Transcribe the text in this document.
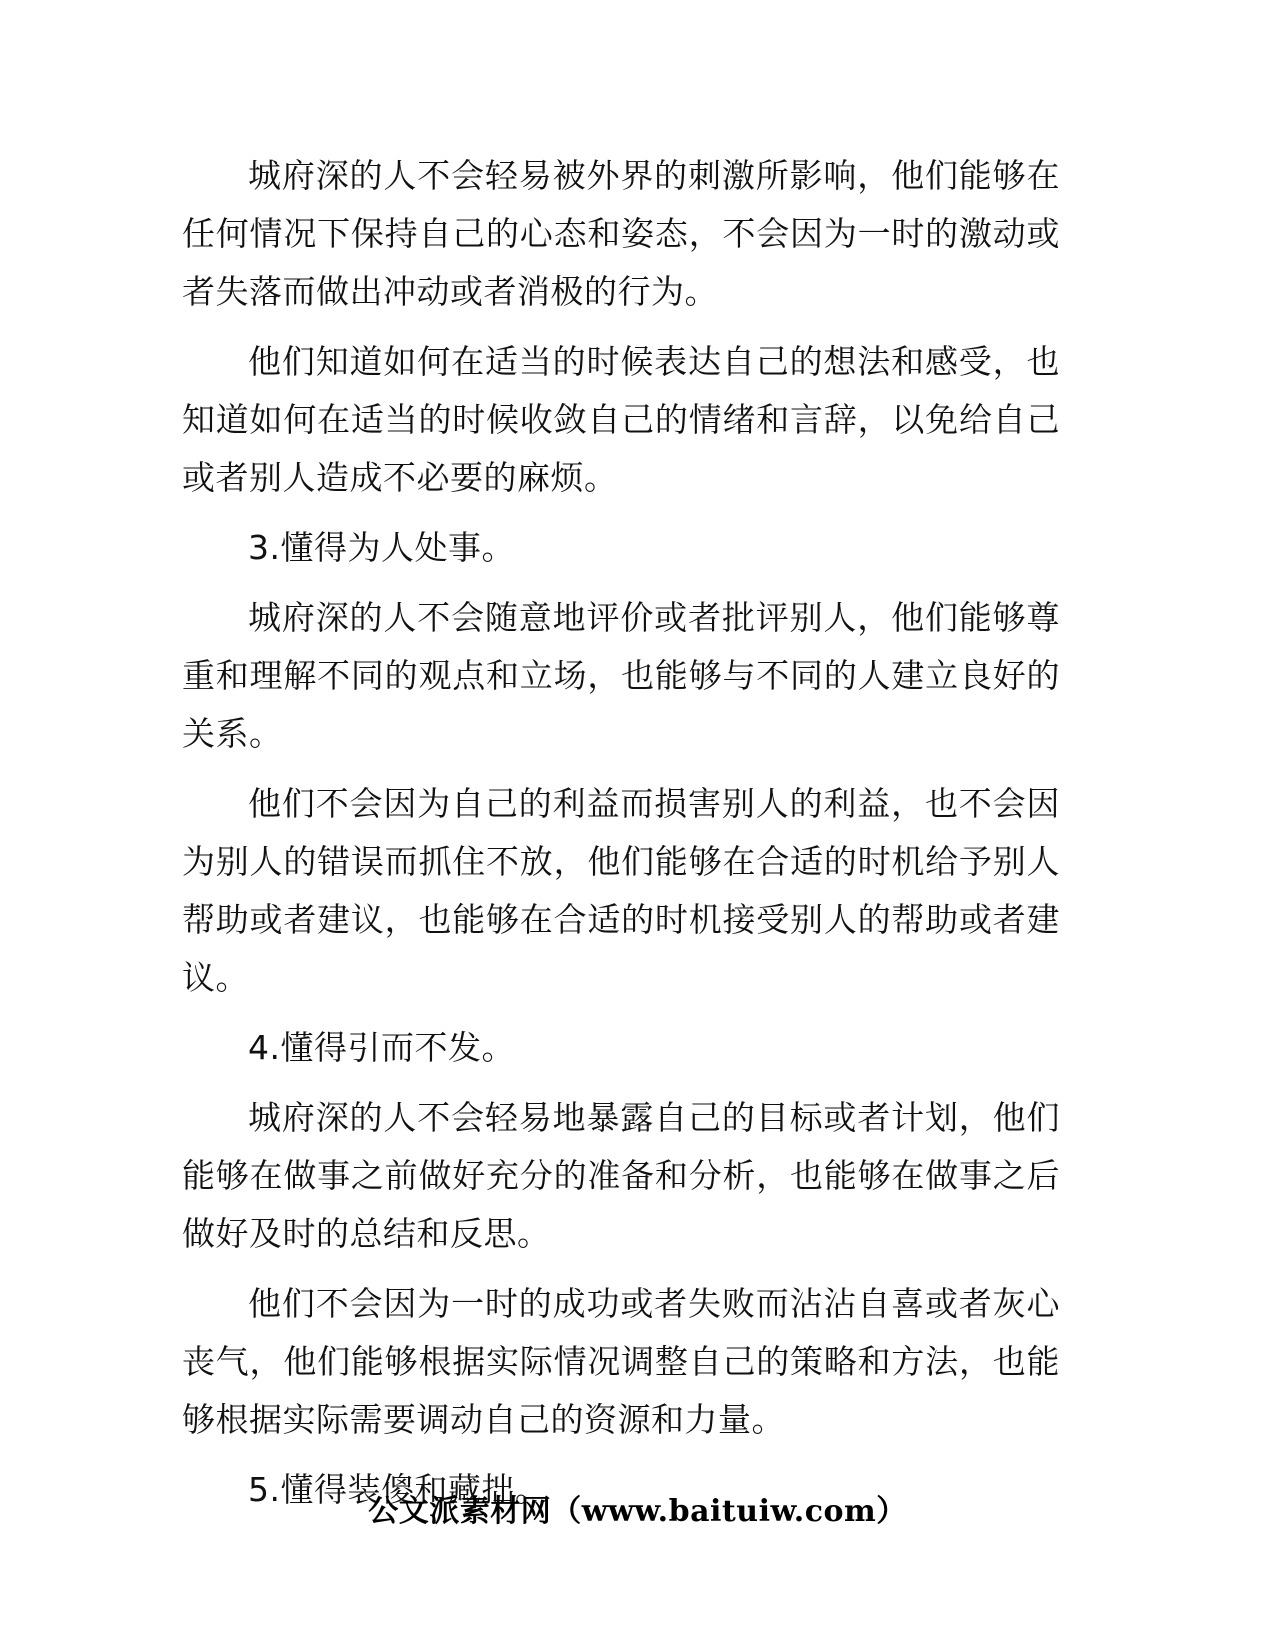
城府深的人不会轻易被外界的刺激所影响，他们能够在任何情况下保持自己的心态和姿态，不会因为一时的激动或者失落而做出冲动或者消极的行为。

他们知道如何在适当的时候表达自己的想法和感受，也知道如何在适当的时候收敛自己的情绪和言辞，以免给自己或者别人造成不必要的麻烦。

3.懂得为人处事。

城府深的人不会随意地评价或者批评别人，他们能够尊重和理解不同的观点和立场，也能够与不同的人建立良好的关系。

他们不会因为自己的利益而损害别人的利益，也不会因为别人的错误而抓住不放，他们能够在合适的时机给予别人帮助或者建议，也能够在合适的时机接受别人的帮助或者建议。

4.懂得引而不发。

城府深的人不会轻易地暴露自己的目标或者计划，他们能够在做事之前做好充分的准备和分析，也能够在做事之后做好及时的总结和反思。

他们不会因为一时的成功或者失败而沾沾自喜或者灰心丧气，他们能够根据实际情况调整自己的策略和方法，也能够根据实际需要调动自己的资源和力量。

5.懂得装傻和藏拙。

公文派素材网（www.baituiw.com）
